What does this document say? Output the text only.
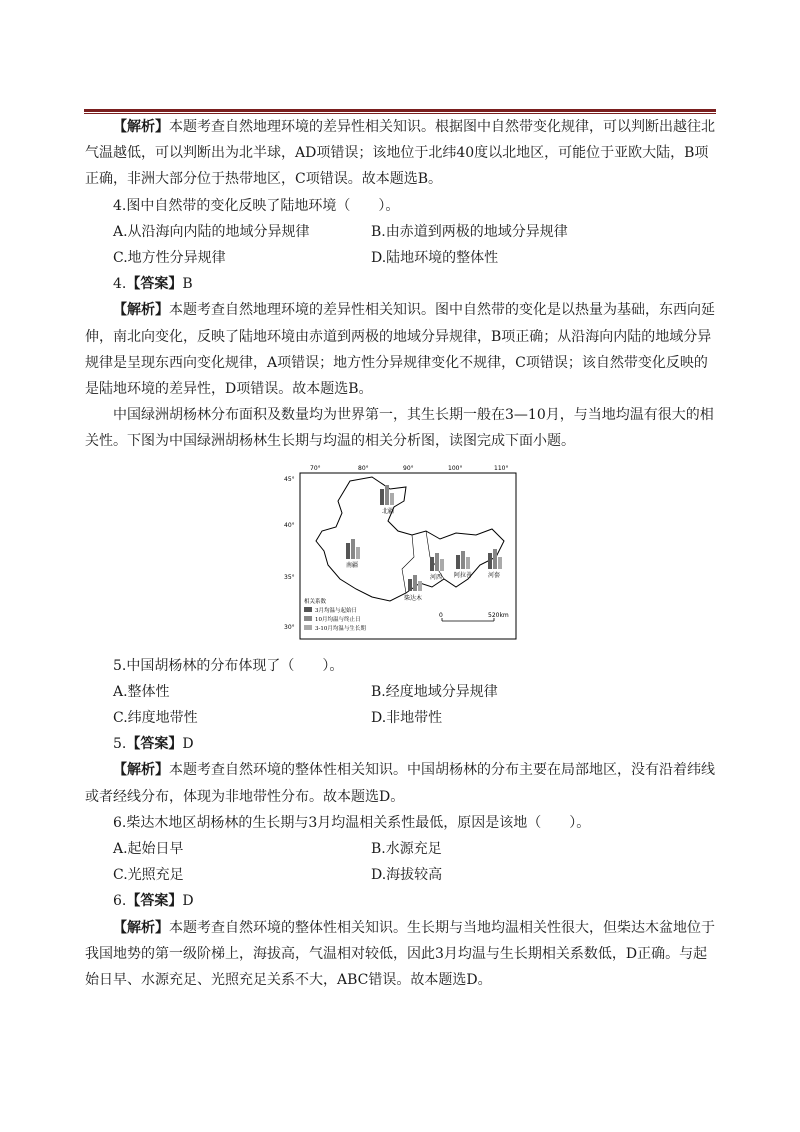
【解析】本题考查自然地理环境的差异性相关知识。根据图中自然带变化规律，可以判断出越往北气温越低，可以判断出为北半球，AD项错误；该地位于北纬40度以北地区，可能位于亚欧大陆，B项正确，非洲大部分位于热带地区，C项错误。故本题选B。

4.图中自然带的变化反映了陆地环境（　　）。

A.从沿海向内陆的地域分异规律	B.由赤道到两极的地域分异规律
C.地方性分异规律	D.陆地环境的整体性

4.【答案】B

【解析】本题考查自然地理环境的差异性相关知识。图中自然带的变化是以热量为基础，东西向延伸，南北向变化，反映了陆地环境由赤道到两极的地域分异规律，B项正确；从沿海向内陆的地域分异规律是呈现东西向变化规律，A项错误；地方性分异规律变化不规律，C项错误；该自然带变化反映的是陆地环境的差异性，D项错误。故本题选B。

中国绿洲胡杨林分布面积及数量均为世界第一，其生长期一般在3—10月，与当地均温有很大的相关性。下图为中国绿洲胡杨林生长期与均温的相关分析图，读图完成下面小题。

70°	80°	90°	100°	110°
45°
40°
35°
30°
北疆
南疆
柴达木
河西 阿拉善	河套
相关系数
3月均温与起始日
10月均温与终止日
3-10月均温与生长期
0	520km

5.中国胡杨林的分布体现了（　　）。

A.整体性	B.经度地域分异规律
C.纬度地带性	D.非地带性

5.【答案】D

【解析】本题考查自然环境的整体性相关知识。中国胡杨林的分布主要在局部地区，没有沿着纬线或者经线分布，体现为非地带性分布。故本题选D。

6.柴达木地区胡杨林的生长期与3月均温相关系性最低，原因是该地（　　）。

A.起始日早	B.水源充足
C.光照充足	D.海拔较高

6.【答案】D

【解析】本题考查自然环境的整体性相关知识。生长期与当地均温相关性很大，但柴达木盆地位于我国地势的第一级阶梯上，海拔高，气温相对较低，因此3月均温与生长期相关系数低，D正确。与起始日早、水源充足、光照充足关系不大，ABC错误。故本题选D。
